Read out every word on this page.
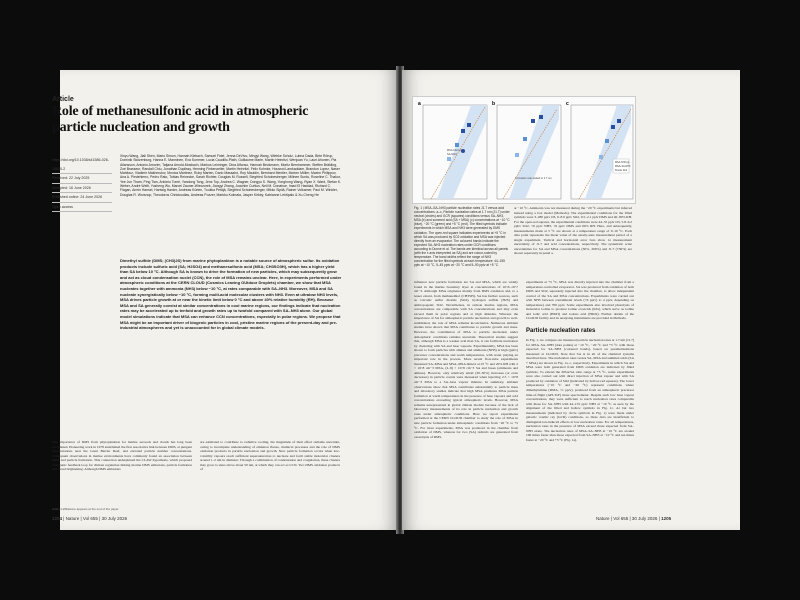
Article
Role of methanesulfonic acid in atmospheric particle nucleation and growth
https://doi.org/10.1038/s41586-026-10810-2
Received: 22 July 2025
Accepted: 16 June 2026
Published online: 24 June 2026
Open access
Xinyu Wang, Jiali Shen, Mario Simon, Hannah Klebach, Samuel Fidel, Jenna DeVivo, Mingyi Wang, Wiebke Scholz, Lubna Dada, Birte Rörup, Dominik Stolzenburg, Hanna E. Manninen, Eva Sommer, Lucia Caudillo-Plath, Guillaume Marie, Martin Heinritzi, Wenjuan Yu, Lauri Ahonen, Pia Allansson, Antonio Amorim, Tatjana Arnold-Mosbach, Markus Leiminger, Dina Alfonso, Hannah Beckmann, Moritz Bernhammer, Steffen Bräkling, Zoé Brasseur, Randall Chiu, Jonathan Duplissy, Henning Finkenzeller, Martin Heinritzi, Felix Kuhnke, Houssni Lamkaddam, Brandon Lopez, Naser Mahfouz, Vladimir Makhmutov, Monica Martinez, Ruby Marten, Dario Massabò, Roy Mauldin, Bernhard Mentler, Morten Möller, Maxim Philippov, Ana A. Piedehierro, Pedro Rato, Tobias Reinecke, Sarah Richter, Douglas M. Russell, Siegfried Schobesberger, Milinee Surdu, Roseline C. Thakur, Yee Jun Tham, Ping Tian, António Tomé, Yandong Tong, Jens Top, Andrea C. Wagner, Dongyu S. Wang, Yonghong Wang, Ryan X. Ward, Stefan K. Weber, André Welti, Yusheng Wu, Marcel Zauner-Wieczorek, Jiangyi Zhang, Joachim Curtius, Neil M. Donahue, Imad El Haddad, Richard C. Flagan, Armin Hansel, Hartwig Harder, Andreas Kürten, Tuukka Petäjä, Siegfried Schobesberger, Mikko Sipilä, Rainer Volkamer, Paul M. Winkler, Douglas R. Worsnop, Theodoros Christoudias, Andreas Pozzer, Markku Kulmala, Jasper Kirkby, Katrianne Lehtipalo & Xu-Cheng He
Dimethyl sulfide (DMS; (CH3)2S) from marine phytoplankton is a notable source of atmospheric sulfur. Its oxidation products include sulfuric acid (SA; H2SO4) and methanesulfonic acid (MSA; CH3SO3H), which has a higher yield than SA below 10 °C. Although SA is known to drive the formation of new particles, which may subsequently grow and act as cloud condensation nuclei (CCN), the role of MSA remains unclear. Here, in experiments performed under atmospheric conditions at the CERN CLOUD (Cosmics Leaving OUtdoor Droplets) chamber, we show that MSA nucleates together with ammonia (NH3) below −10 °C, at rates comparable with SA–NH3. Moreover, MSA and SA nucleate synergistically below −10 °C, forming multi-acid molecular clusters with NH3. Even at ultralow NH3 levels, MSA drives particle growth at or near the kinetic limit below 0 °C and above 40% relative humidity (RH). Because MSA and SA generally coexist at similar concentrations in cool marine regions, our findings indicate that nucleation rates may be accelerated up to tenfold and growth rates up to twofold compared with SA–NH3 alone. Our global model simulations indicate that MSA can enhance CCN concentrations, especially in polar regions. We propose that MSA might be an important driver of biogenic particles in cool, pristine marine regions of the present-day and pre-industrial atmospheres and yet is unaccounted for in global climate models.
The importance of DMS from phytoplankton for marine aerosols and clouds has long been recognized. Pioneering work in 1978 established the first associative link between DMS, at pungent concentrations near the Great Barrier Reef, and elevated particle number concentrations. Subsequent observations in marine environments have commonly found an association between DMS and particle formation. This connection underpinned the CLAW hypothesis, which proposed a biogenic feedback loop for climate regulation linking marine DMS emissions, particle formation and cloud brightening. Although DMS emissions
are estimated to contribute to radiative cooling, the magnitude of their effect remains uncertain, owing to incomplete understanding of emission fluxes, chemical processes and the role of DMS oxidation products in particle nucleation and growth. New particle formation occurs when low-volatility vapours reach sufficient supersaturation to nucleate and form stable molecular clusters around 1–2 nm in diameter. Through a combination of condensation and coagulation, these clusters may grow to sizes above about 50 nm, at which they can act as CCN. Two DMS oxidation products of
A list of affiliations appears at the end of the paper.
1204 | Nature | Vol 655 | 30 July 2026
a
MSA-NH3 (a)
SA-NH3
b
Formation rate scaled to 1.7 nm
c
MSA-NH3 (a)
MSA+SA-NH3
Kinetic limit
Fig. 1 | MSA–SA–NH3 particle nucleation rates J1.7 versus acid concentrations. a–c, Particle nucleation rates at 1.7 nm (J1.7) under neutral (circles) and GCR (squares) conditions versus SA–NH3, MSA (b) and summed acid (SA + MSA) (c) concentrations at −10 °C (blue), −20 °C (green) and +5 °C (red). The filled symbols indicate experiments in which MSA and NH3 were generated by DMS oxidation. The open-red square indicates experiments at +5 °C in which SA was produced by SO2 oxidation and MSA was injected directly from an evaporator. The coloured bands indicate the expected SA–NH3 nucleation rates under GCR conditions according to Dunne et al. The bands are identical across all panels (with the x axis interpreted as SA) and are colour-coded by temperature. The band widths reflect the range of NH3 concentration for the filled symbols at each temperature: 44–155 pptv at −10 °C, 5–45 pptv at −20 °C and 5–90 pptv at +5 °C.
at −10 °C. Ammonia was not measured during the −20 °C experiments but inferred instead using a box model (Methods). The experimental conditions for the filled symbols were 3–280 pptv O3, 0–8.9 pptv SO2, 0.5–2.1 pptv DMS and 40–80% RH. For the open-red squares, the experimental conditions were 44–55 pptv O3, 5.8–6.2 ppbv SO2, <6 pptv NH3, <6 pptv DMS and 60% RH. Here, and subsequently, measurements made at 5 °C are shown at a temperature range of 9–10 °C. Each data point represents the mean value of the steady-state measurement period of a single experiment. Vertical and horizontal error bars show 1σ measurement uncertainty of J1.7 and acid concentrations, respectively. The systematic scale uncertainties for SA and MSA concentrations (30%, 200%) and J1.7 (±30%) are shown separately in panel a.
influence new particle formation are SA and MSA, which are widely found in the marine boundary layer at concentrations of 10^6–10^7 cm−3. Although MSA originates mainly from DMS oxidation and, to a lesser extent, from methanethiol (CH3SH), SA has further sources, such as volcanic sulfur dioxide (SO2), hydrogen sulfide (H2S) and anthropogenic SO2. Nevertheless, in remote marine regions, MSA concentrations are comparable with SA concentrations and may even exceed them in polar regions and at high altitudes. Whereas the importance of SA for atmospheric particle nucleation and growth is well-established, the role of MSA remains inconclusive. Numerous ambient studies have shown that MSA contributes to particle growth and mass. However, the contribution of MSA to particle nucleation under atmospheric conditions remains uncertain. Theoretical studies suggest that, although MSA is a weaker acid than SA, it can facilitate nucleation by clustering with SA and base vapours. Experimentally, MSA has been shown to form particles with amines and ammonia (NH3) at high (ppbv) precursor concentrations and warm temperatures, with water playing an important role in the process. More recent flow-tube experiments measured SA–MSA and MSA–MSA dimers at 25 °C and 20% RH with 2 × 10^8 cm−3 MSA, (2–8) × 10^8 cm−3 SA and bases (ammonia and amines). However, only relatively small (30–30%) increases (or even decreases) in particle counts were measured when injecting 2.5 × 10^8 cm−3 MSA to a SA–base vapour mixture. In summary, ambient observations show that MSA contributes substantially to particle mass and laboratory studies indicate that high MSA promotes MSA particle formation at warm temperatures in the presence of base vapours and acid concentrations exceeding typical atmospheric levels. However, MSA remains unrepresented in global climate models because of the lack of laboratory measurements of its role in particle nucleation and growth rates under atmospheric conditions. Here we report experiments performed at the CERN CLOUD chamber to study the role of MSA in new particle formation under atmospheric conditions from −20 °C to +5 °C. For most experiments, MSA was produced in the chamber from oxidation of DMS, whereas for two (SA) radicals are generated from ozonolysis of DMS.
experiments at +5 °C, MSA was directly injected into the chamber from a temperature-controlled evaporator. SA was produced from oxidation of both DMS and SO2, separately injected into the chamber, to allow independent control of the SA and MSA concentrations. Experiments were carried out with NH3 between contaminant levels (<6 pptv) to 4 pptv, depending on temperature) and 700 pptv. Some experiments also involved photolysis of molecular iodine to produce iodine oxoacids (IOx), which serve as iodine and iodic acid (HIO3) and iodous acid (HIO2). Further details of the CLOUD facility and its analysing instruments are provided in Methods.
Particle nucleation rates
In Fig. 1, we compare our measured particle nucleation rates at 1.7 nm (J1.7) for MSA–SA–NH3 (data points) at −10 °C, −20 °C and +5 °C with those expected for SA–NH3 (coloured bands), based on parametrizations measured at CLOUD. Note that SA is in all of the chemical systems described here. The nucleation rates versus SA, MSA and summed acids (SA + MSA) are shown in Fig. 1a–c, respectively. Experiments in which SA and MSA were both generated from DMS oxidation are indicated by filled symbols. To extend the MSA/SA ratio range at +5 °C, some experiments were also carried out with direct injection of MSA vapour and with SA produced by oxidation of SO2 (indicated by hollow-red squares). The lower temperatures (−10 °C and −20 °C) represent conditions where dimethylamine (DMA, <1 pptv), produced from an atmospheric precursor time-of-flight (API-ToF) mass spectrometer. Despite such low base vapour concentrations, they were sufficient to reach nucleation rates comparable with those for SA–NH3 with 44–155 pptv NH3 at −10 °C as seen by the alignment of the filled and hollow symbols in Fig. 1c. At but two measurements (indicated by circle symbols in Fig. 1) were made under galactic cosmic ray (GCR) conditions, so these data are insufficient to distinguish ion-induced effects at low nucleation rates. For all temperatures, nucleation rates in the presence of MSA exceed those expected from SA–NH3 alone. The nucleation rates of MSA–SA–NH3 at −10 °C are around 100 times faster than those expected from SA–NH3 at −10 °C and ten times faster at −20 °C and +5 °C (Fig. 1a).
Nature | Vol 655 | 30 July 2026 | 1205
